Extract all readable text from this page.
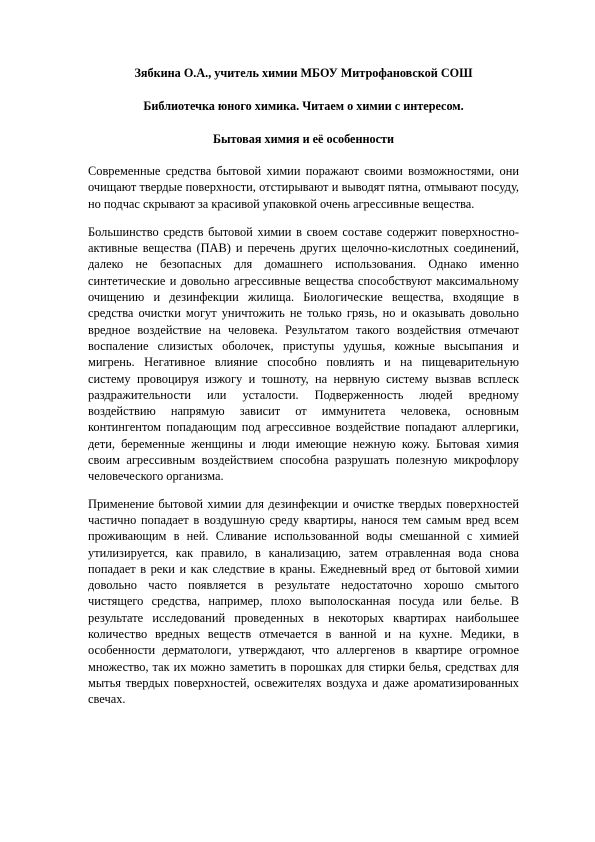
Зябкина О.А., учитель химии МБОУ Митрофановской СОШ

Библиотечка юного химика. Читаем о химии с интересом.

Бытовая химия и её особенности

Современные средства бытовой химии поражают своими возможностями, они очищают твердые поверхности, отстирывают и выводят пятна, отмывают посуду, но подчас скрывают за красивой упаковкой очень агрессивные вещества.

Большинство средств бытовой химии в своем составе содержит поверхностно-активные вещества (ПАВ) и перечень других щелочно-кислотных соединений, далеко не безопасных для домашнего использования. Однако именно синтетические и довольно агрессивные вещества способствуют максимальному очищению и дезинфекции жилища. Биологические вещества, входящие в средства очистки могут уничтожить не только грязь, но и оказывать довольно вредное воздействие на человека. Результатом такого воздействия отмечают воспаление слизистых оболочек, приступы удушья, кожные высыпания и мигрень. Негативное влияние способно повлиять и на пищеварительную систему провоцируя изжогу и тошноту, на нервную систему вызвав всплеск раздражительности или усталости. Подверженность людей вредному воздействию напрямую зависит от иммунитета человека, основным контингентом попадающим под агрессивное воздействие попадают аллергики, дети, беременные женщины и люди имеющие нежную кожу. Бытовая химия своим агрессивным воздействием способна разрушать полезную микрофлору человеческого организма.

Применение бытовой химии для дезинфекции и очистке твердых поверхностей частично попадает в воздушную среду квартиры, нанося тем самым вред всем проживающим в ней. Сливание использованной воды смешанной с химией утилизируется, как правило, в канализацию, затем отравленная вода снова попадает в реки и как следствие в краны. Ежедневный вред от бытовой химии довольно часто появляется в результате недостаточно хорошо смытого чистящего средства, например, плохо выполосканная посуда или белье. В результате исследований проведенных в некоторых квартирах наибольшее количество вредных веществ отмечается в ванной и на кухне. Медики, в особенности дерматологи, утверждают, что аллергенов в квартире огромное множество, так их можно заметить в порошках для стирки белья, средствах для мытья твердых поверхностей, освежителях воздуха и даже ароматизированных свечах.
